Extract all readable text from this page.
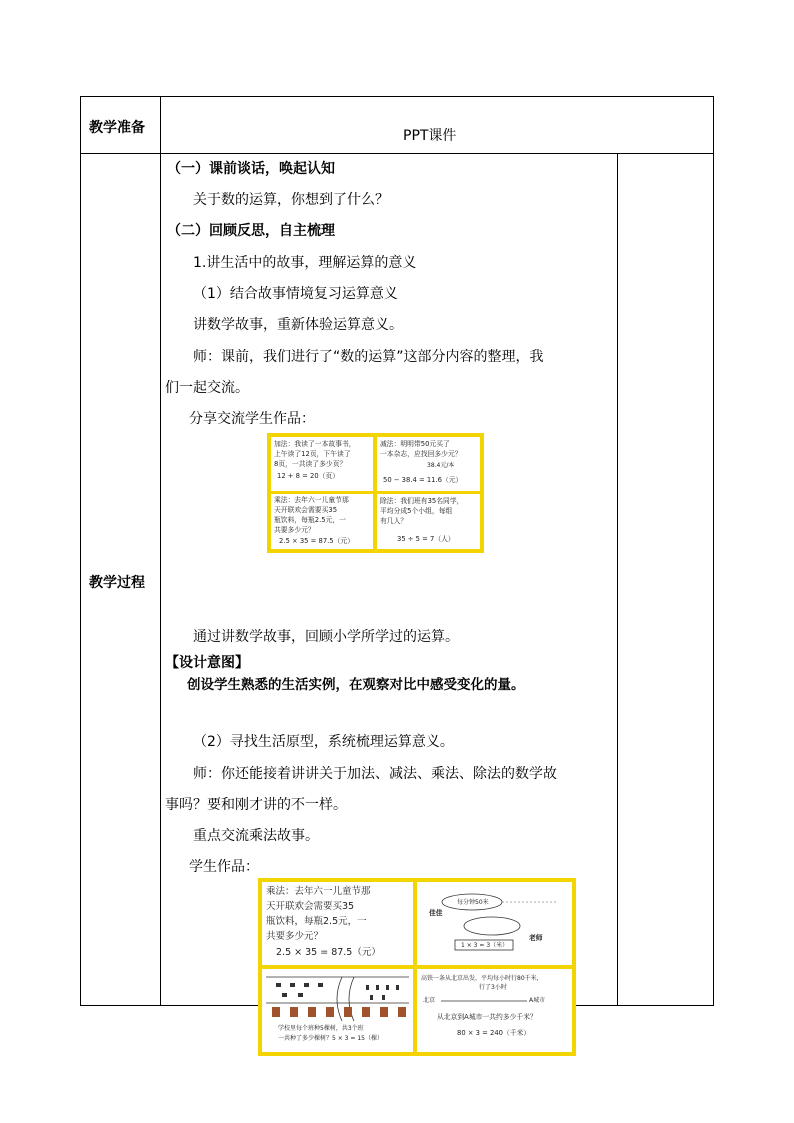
教学准备	PPT课件
教学过程
（一）课前谈话，唤起认知
关于数的运算，你想到了什么？
（二）回顾反思，自主梳理
1.讲生活中的故事，理解运算的意义
（1）结合故事情境复习运算意义
讲数学故事，重新体验运算意义。
师：课前，我们进行了“数的运算”这部分内容的整理，我
们一起交流。
分享交流学生作品：
加法：我读了一本故事书，
上午读了12页，下午读了
8页，一共读了多少页？
12 + 8 = 20（页）
减法：明明带50元买了
一本杂志，应找回多少元？
38.4元/本
50 − 38.4 = 11.6（元）
乘法：去年六一儿童节那
天开联欢会需要买35
瓶饮料，每瓶2.5元，一
共要多少元？
2.5 × 35 = 87.5（元）
除法：我们班有35名同学，
平均分成5个小组，每组
有几人？
35 ÷ 5 = 7（人）
通过讲数学故事，回顾小学所学过的运算。
【设计意图】
创设学生熟悉的生活实例，在观察对比中感受变化的量。
（2）寻找生活原型，系统梳理运算意义。
师：你还能接着讲讲关于加法、减法、乘法、除法的数学故
事吗？要和刚才讲的不一样。
重点交流乘法故事。
学生作品：
乘法：去年六一儿童节那
天开联欢会需要买35
瓶饮料，每瓶2.5元，一
共要多少元？
2.5 × 35 = 87.5（元）
佳佳
老师
每分钟50米
1 × 3 = 3（米）
学校里每个班种5棵树，共3个班
一共种了多少棵树？5 × 3 = 15（棵）
高铁一条从北京出发，平均每小时行80千米，
行了3小时
北京	A城市
从北京到A城市一共约多少千米？
80 × 3 = 240（千米）
